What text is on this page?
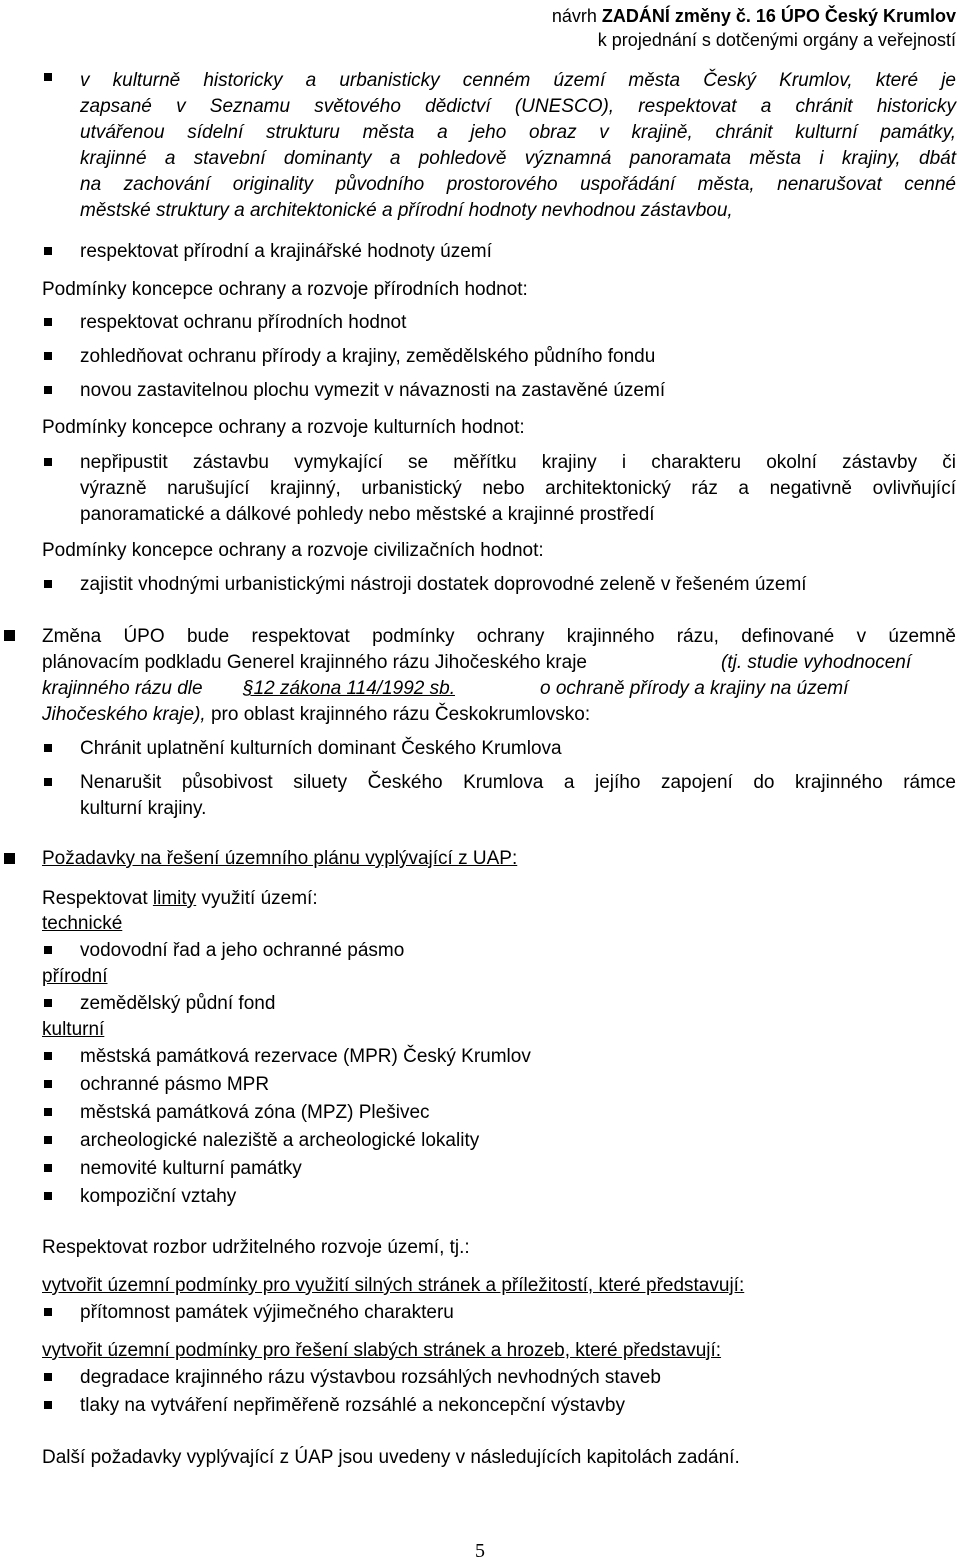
návrh ZADÁNÍ změny č. 16 ÚPO Český Krumlov
k projednání s dotčenými orgány a veřejností
v kulturně historicky a urbanisticky cenném území města Český Krumlov, které je
zapsané v Seznamu světového dědictví (UNESCO), respektovat a chránit historicky
utvářenou sídelní strukturu města a jeho obraz v krajině, chránit kulturní památky,
krajinné a stavební dominanty a pohledově významná panoramata města i krajiny, dbát
na zachování originality původního prostorového uspořádání města, nenarušovat cenné
městské struktury a architektonické a přírodní hodnoty nevhodnou zástavbou,
respektovat přírodní a krajinářské hodnoty území
Podmínky koncepce ochrany a rozvoje přírodních hodnot:
respektovat ochranu přírodních hodnot
zohledňovat ochranu přírody a krajiny, zemědělského půdního fondu
novou zastavitelnou plochu vymezit v návaznosti na zastavěné území
Podmínky koncepce ochrany a rozvoje kulturních hodnot:
nepřipustit zástavbu vymykající se měřítku krajiny i charakteru okolní zástavby či
výrazně narušující krajinný, urbanistický nebo architektonický ráz a negativně ovlivňující
panoramatické a dálkové pohledy nebo městské a krajinné prostředí
Podmínky koncepce ochrany a rozvoje civilizačních hodnot:
zajistit vhodnými urbanistickými nástroji dostatek doprovodné zeleně v řešeném území
Změna ÚPO bude respektovat podmínky ochrany krajinného rázu, definované v územně
plánovacím podkladu Generel krajinného rázu Jihočeského kraje	(tj. studie vyhodnocení
krajinného rázu dle §12 zákona 114/1992 sb.	o ochraně přírody a krajiny na území
Jihočeského kraje), pro oblast krajinného rázu Českokrumlovsko:
Chránit uplatnění kulturních dominant Českého Krumlova
Nenarušit působivost siluety Českého Krumlova a jejího zapojení do krajinného rámce
kulturní krajiny.
Požadavky na řešení územního plánu vyplývající z UAP:
Respektovat limity využití území:
technické
vodovodní řad a jeho ochranné pásmo
přírodní
zemědělský půdní fond
kulturní
městská památková rezervace (MPR) Český Krumlov
ochranné pásmo MPR
městská památková zóna (MPZ) Plešivec
archeologické naleziště a archeologické lokality
nemovité kulturní památky
kompoziční vztahy
Respektovat rozbor udržitelného rozvoje území, tj.:
vytvořit územní podmínky pro využití silných stránek a příležitostí, které představují:
přítomnost památek výjimečného charakteru
vytvořit územní podmínky pro řešení slabých stránek a hrozeb, které představují:
degradace krajinného rázu výstavbou rozsáhlých nevhodných staveb
tlaky na vytváření nepřiměřeně rozsáhlé a nekoncepční výstavby
Další požadavky vyplývající z ÚAP jsou uvedeny v následujících kapitolách zadání.
5
